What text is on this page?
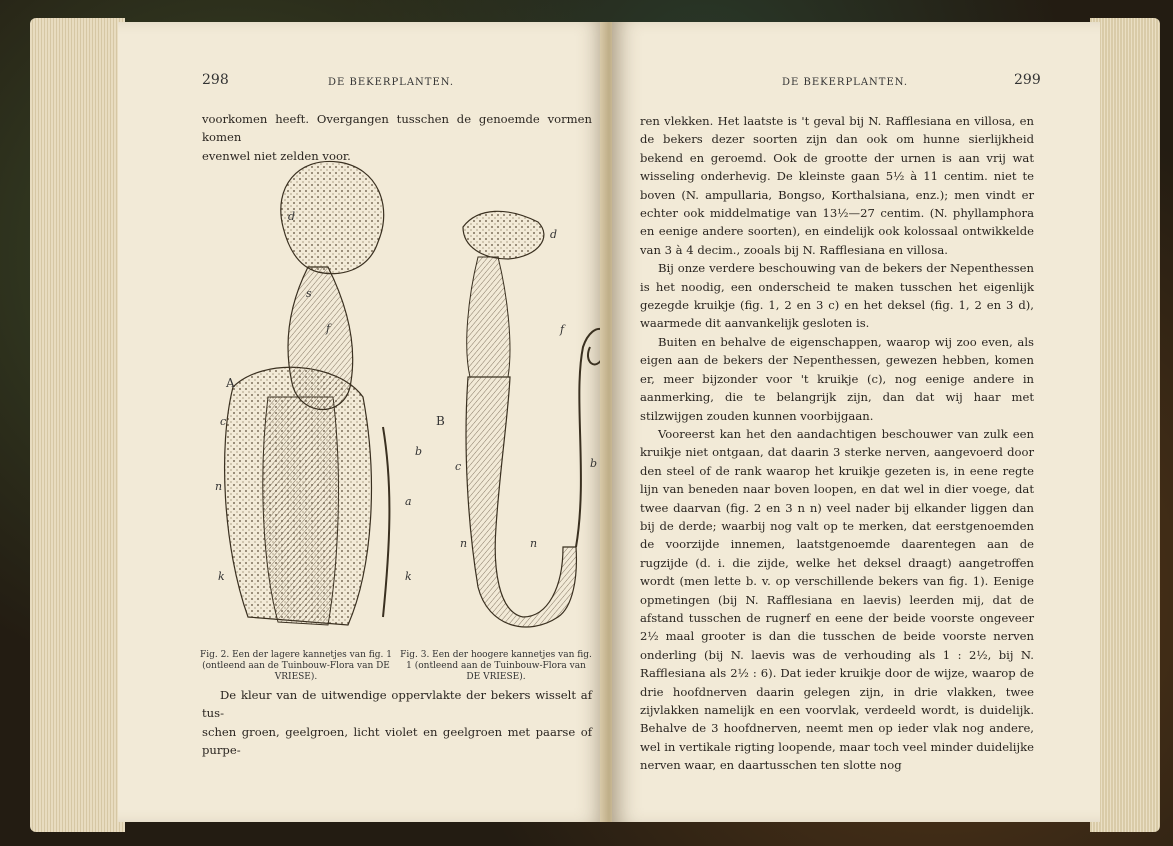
298	DE BEKERPLANTEN.
voorkomen heeft. Overgangen tusschen de genoemde vormen komen
evenwel niet zelden voor.
d
s
f
A
c
n
k	k
a
b
B
d
f
c	b
n	n
Fig. 2. Een der lagere kannetjes van fig. 1 (ontleend aan de Tuinbouw-Flora van DE VRIESE).
Fig. 3. Een der hoogere kannetjes van fig. 1 (ontleend aan de Tuinbouw-Flora van DE VRIESE).
De kleur van de uitwendige oppervlakte der bekers wisselt af tus-
schen groen, geelgroen, licht violet en geelgroen met paarse of purpe-
DE BEKERPLANTEN.	299

ren vlekken. Het laatste is 't geval bij N. Rafflesiana en villosa, en de bekers dezer soorten zijn dan ook om hunne sierlijkheid bekend en geroemd. Ook de grootte der urnen is aan vrij wat wisseling onderhevig. De kleinste gaan 5½ à 11 centim. niet te boven (N. ampullaria, Bongso, Korthalsiana, enz.); men vindt er echter ook middelmatige van 13½—27 centim. (N. phyllamphora en eenige andere soorten), en eindelijk ook kolossaal ontwikkelde van 3 à 4 decim., zooals bij N. Rafflesiana en villosa.

Bij onze verdere beschouwing van de bekers der Nepenthessen is het noodig, een onderscheid te maken tusschen het eigenlijk gezegde kruikje (fig. 1, 2 en 3 c) en het deksel (fig. 1, 2 en 3 d), waarmede dit aanvankelijk gesloten is.

Buiten en behalve de eigenschappen, waarop wij zoo even, als eigen aan de bekers der Nepenthessen, gewezen hebben, komen er, meer bijzonder voor 't kruikje (c), nog eenige andere in aanmerking, die te belangrijk zijn, dan dat wij haar met stilzwijgen zouden kunnen voorbijgaan.

Vooreerst kan het den aandachtigen beschouwer van zulk een kruikje niet ontgaan, dat daarin 3 sterke nerven, aangevoerd door den steel of de rank waarop het kruikje gezeten is, in eene regte lijn van beneden naar boven loopen, en dat wel in dier voege, dat twee daarvan (fig. 2 en 3 n n) veel nader bij elkander liggen dan bij de derde; waarbij nog valt op te merken, dat eerstgenoemden de voorzijde innemen, laatstgenoemde daarentegen aan de rugzijde (d. i. die zijde, welke het deksel draagt) aangetroffen wordt (men lette b. v. op verschillende bekers van fig. 1). Eenige opmetingen (bij N. Rafflesiana en laevis) leerden mij, dat de afstand tusschen de rugnerf en eene der beide voorste ongeveer 2½ maal grooter is dan die tusschen de beide voorste nerven onderling (bij N. laevis was de verhouding als 1 : 2½, bij N. Rafflesiana als 2½ : 6). Dat ieder kruikje door de wijze, waarop de drie hoofdnerven daarin gelegen zijn, in drie vlakken, twee zijvlakken namelijk en een voorvlak, verdeeld wordt, is duidelijk. Behalve de 3 hoofdnerven, neemt men op ieder vlak nog andere, wel in vertikale rigting loopende, maar toch veel minder duidelijke nerven waar, en daartusschen ten slotte nog
